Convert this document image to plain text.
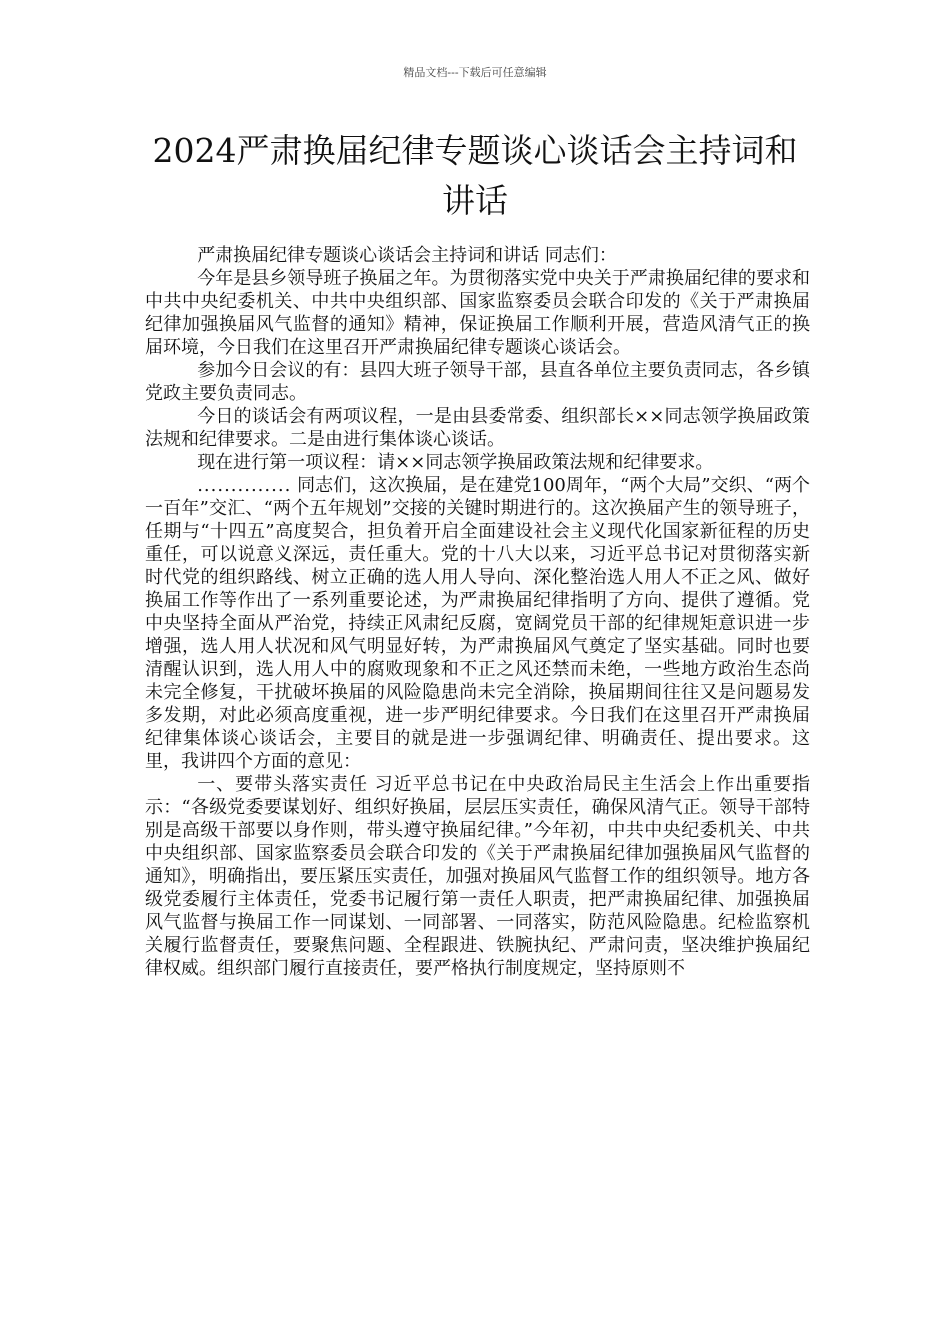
精品文档---下载后可任意编辑
2024严肃换届纪律专题谈心谈话会主持词和讲话

严肃换届纪律专题谈心谈话会主持词和讲话 同志们：

今年是县乡领导班子换届之年。为贯彻落实党中央关于严肃换届纪律的要求和中共中央纪委机关、中共中央组织部、国家监察委员会联合印发的《关于严肃换届纪律加强换届风气监督的通知》精神，保证换届工作顺利开展，营造风清气正的换届环境，今日我们在这里召开严肃换届纪律专题谈心谈话会。

参加今日会议的有：县四大班子领导干部，县直各单位主要负责同志，各乡镇党政主要负责同志。

今日的谈话会有两项议程，一是由县委常委、组织部长××同志领学换届政策法规和纪律要求。二是由进行集体谈心谈话。

现在进行第一项议程：请××同志领学换届政策法规和纪律要求。

.............. 同志们，这次换届，是在建党100周年，“两个大局”交织、“两个一百年”交汇、“两个五年规划”交接的关键时期进行的。这次换届产生的领导班子，任期与“十四五”高度契合，担负着开启全面建设社会主义现代化国家新征程的历史重任，可以说意义深远，责任重大。党的十八大以来，习近平总书记对贯彻落实新时代党的组织路线、树立正确的选人用人导向、深化整治选人用人不正之风、做好换届工作等作出了一系列重要论述，为严肃换届纪律指明了方向、提供了遵循。党中央坚持全面从严治党，持续正风肃纪反腐，宽阔党员干部的纪律规矩意识进一步增强，选人用人状况和风气明显好转，为严肃换届风气奠定了坚实基础。同时也要清醒认识到，选人用人中的腐败现象和不正之风还禁而未绝，一些地方政治生态尚未完全修复，干扰破坏换届的风险隐患尚未完全消除，换届期间往往又是问题易发多发期，对此必须高度重视，进一步严明纪律要求。今日我们在这里召开严肃换届纪律集体谈心谈话会，主要目的就是进一步强调纪律、明确责任、提出要求。这里，我讲四个方面的意见：

一、要带头落实责任 习近平总书记在中央政治局民主生活会上作出重要指示：“各级党委要谋划好、组织好换届，层层压实责任，确保风清气正。领导干部特别是高级干部要以身作则，带头遵守换届纪律。”今年初，中共中央纪委机关、中共中央组织部、国家监察委员会联合印发的《关于严肃换届纪律加强换届风气监督的通知》，明确指出，要压紧压实责任，加强对换届风气监督工作的组织领导。地方各级党委履行主体责任，党委书记履行第一责任人职责，把严肃换届纪律、加强换届风气监督与换届工作一同谋划、一同部署、一同落实，防范风险隐患。纪检监察机关履行监督责任，要聚焦问题、全程跟进、铁腕执纪、严肃问责，坚决维护换届纪律权威。组织部门履行直接责任，要严格执行制度规定，坚持原则不
